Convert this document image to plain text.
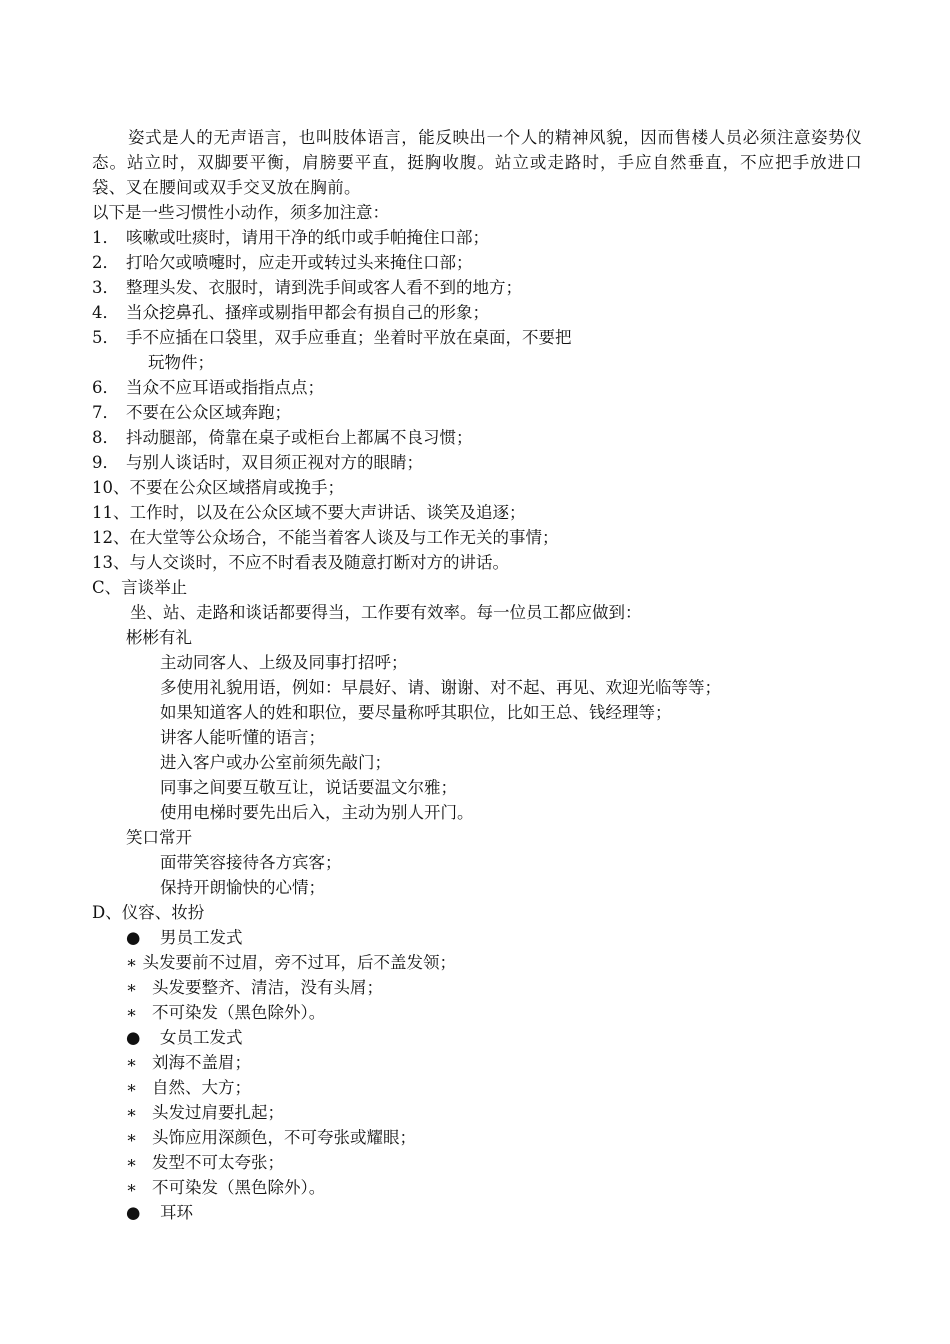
姿式是人的无声语言，也叫肢体语言，能反映出一个人的精神风貌，因而售楼人员必须注意姿势仪态。站立时，双脚要平衡，肩膀要平直，挺胸收腹。站立或走路时，手应自然垂直，不应把手放进口袋、叉在腰间或双手交叉放在胸前。
以下是一些习惯性小动作，须多加注意：
1． 咳嗽或吐痰时，请用干净的纸巾或手帕掩住口部；
2． 打哈欠或喷嚏时，应走开或转过头来掩住口部；
3． 整理头发、衣服时，请到洗手间或客人看不到的地方；
4． 当众挖鼻孔、搔痒或剔指甲都会有损自己的形象；
5． 手不应插在口袋里，双手应垂直；坐着时平放在桌面，不要把
玩物件；
6． 当众不应耳语或指指点点；
7． 不要在公众区域奔跑；
8． 抖动腿部，倚靠在桌子或柜台上都属不良习惯；
9． 与别人谈话时，双目须正视对方的眼睛；
10、不要在公众区域搭肩或挽手；
11、工作时，以及在公众区域不要大声讲话、谈笑及追逐；
12、在大堂等公众场合，不能当着客人谈及与工作无关的事情；
13、与人交谈时，不应不时看表及随意打断对方的讲话。
C、言谈举止
坐、站、走路和谈话都要得当，工作要有效率。每一位员工都应做到：
彬彬有礼
主动同客人、上级及同事打招呼；
多使用礼貌用语，例如：早晨好、请、谢谢、对不起、再见、欢迎光临等等；
如果知道客人的姓和职位，要尽量称呼其职位，比如王总、钱经理等；
讲客人能听懂的语言；
进入客户或办公室前须先敲门；
同事之间要互敬互让，说话要温文尔雅；
使用电梯时要先出后入，主动为别人开门。
笑口常开
面带笑容接待各方宾客；
保持开朗愉快的心情；
D、仪容、妆扮
● 男员工发式
∗ 头发要前不过眉，旁不过耳，后不盖发领；
∗ 头发要整齐、清洁，没有头屑；
∗ 不可染发（黑色除外）。
● 女员工发式
∗ 刘海不盖眉；
∗ 自然、大方；
∗ 头发过肩要扎起；
∗ 头饰应用深颜色，不可夸张或耀眼；
∗ 发型不可太夸张；
∗ 不可染发（黑色除外）。
● 耳环
